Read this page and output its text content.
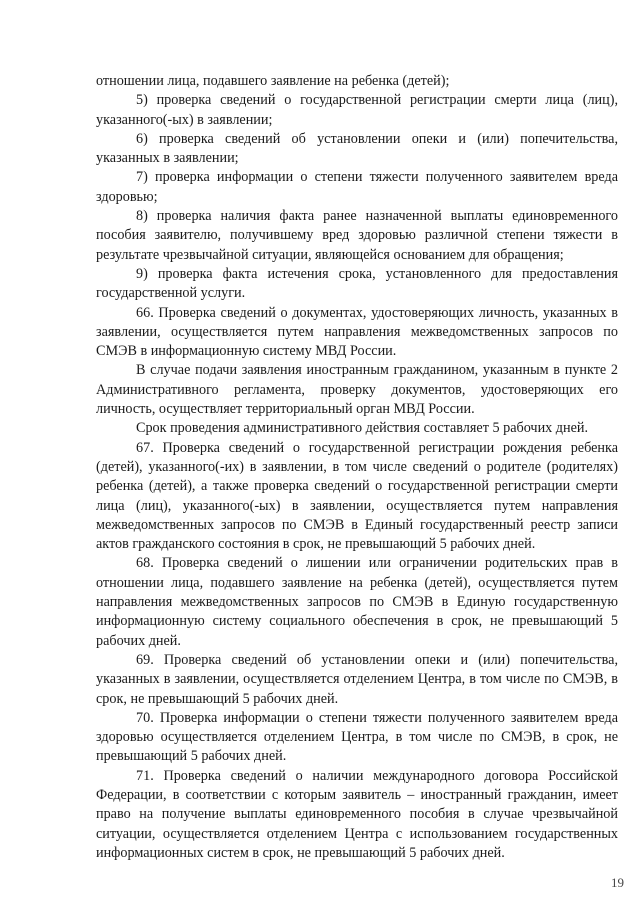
отношении лица, подавшего заявление на ребенка (детей);

5) проверка сведений о государственной регистрации смерти лица (лиц), указанного(-ых) в заявлении;

6) проверка сведений об установлении опеки и (или) попечительства, указанных в заявлении;

7) проверка информации о степени тяжести полученного заявителем вреда здоровью;

8) проверка наличия факта ранее назначенной выплаты единовременного пособия заявителю, получившему вред здоровью различной степени тяжести в результате чрезвычайной ситуации, являющейся основанием для обращения;

9) проверка факта истечения срока, установленного для предоставления государственной услуги.

66. Проверка сведений о документах, удостоверяющих личность, указанных в заявлении, осуществляется путем направления межведомственных запросов по СМЭВ в информационную систему МВД России.

В случае подачи заявления иностранным гражданином, указанным в пункте 2 Административного регламента, проверку документов, удостоверяющих его личность, осуществляет территориальный орган МВД России.

Срок проведения административного действия составляет 5 рабочих дней.

67. Проверка сведений о государственной регистрации рождения ребенка (детей), указанного(-их) в заявлении, в том числе сведений о родителе (родителях) ребенка (детей), а также проверка сведений о государственной регистрации смерти лица (лиц), указанного(-ых) в заявлении, осуществляется путем направления межведомственных запросов по СМЭВ в Единый государственный реестр записи актов гражданского состояния в срок, не превышающий 5 рабочих дней.

68. Проверка сведений о лишении или ограничении родительских прав в отношении лица, подавшего заявление на ребенка (детей), осуществляется путем направления межведомственных запросов по СМЭВ в Единую государственную информационную систему социального обеспечения в срок, не превышающий 5 рабочих дней.

69. Проверка сведений об установлении опеки и (или) попечительства, указанных в заявлении, осуществляется отделением Центра, в том числе по СМЭВ, в срок, не превышающий 5 рабочих дней.

70. Проверка информации о степени тяжести полученного заявителем вреда здоровью осуществляется отделением Центра, в том числе по СМЭВ, в срок, не превышающий 5 рабочих дней.

71. Проверка сведений о наличии международного договора Российской Федерации, в соответствии с которым заявитель – иностранный гражданин, имеет право на получение выплаты единовременного пособия в случае чрезвычайной ситуации, осуществляется отделением Центра с использованием государственных информационных систем в срок, не превышающий 5 рабочих дней.

19
